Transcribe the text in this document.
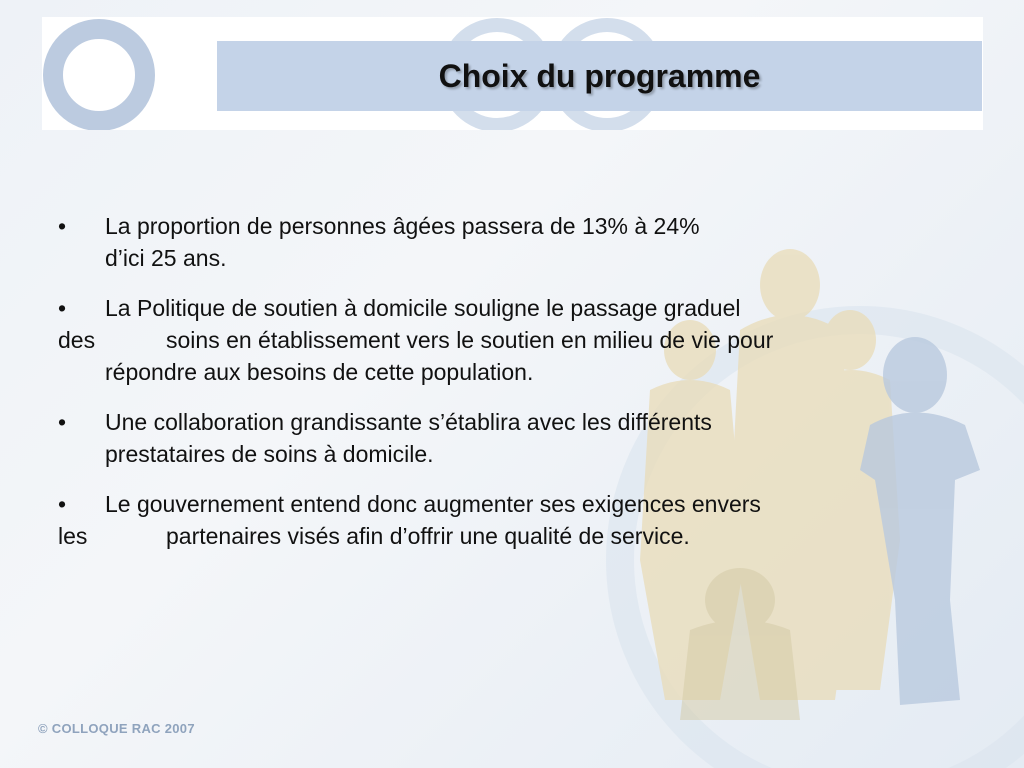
Choix du programme
•	La proportion de personnes âgées passera de 13% à 24%
d’ici 25 ans.
•	La Politique de soutien à domicile souligne le passage graduel
des	soins en établissement vers le soutien en milieu de vie pour
répondre aux besoins de cette population.
•	Une collaboration grandissante s’établira avec les différents
prestataires de soins à domicile.
•	Le gouvernement entend donc augmenter ses exigences envers
les	partenaires visés afin d’offrir une qualité de service.
© COLLOQUE RAC 2007
